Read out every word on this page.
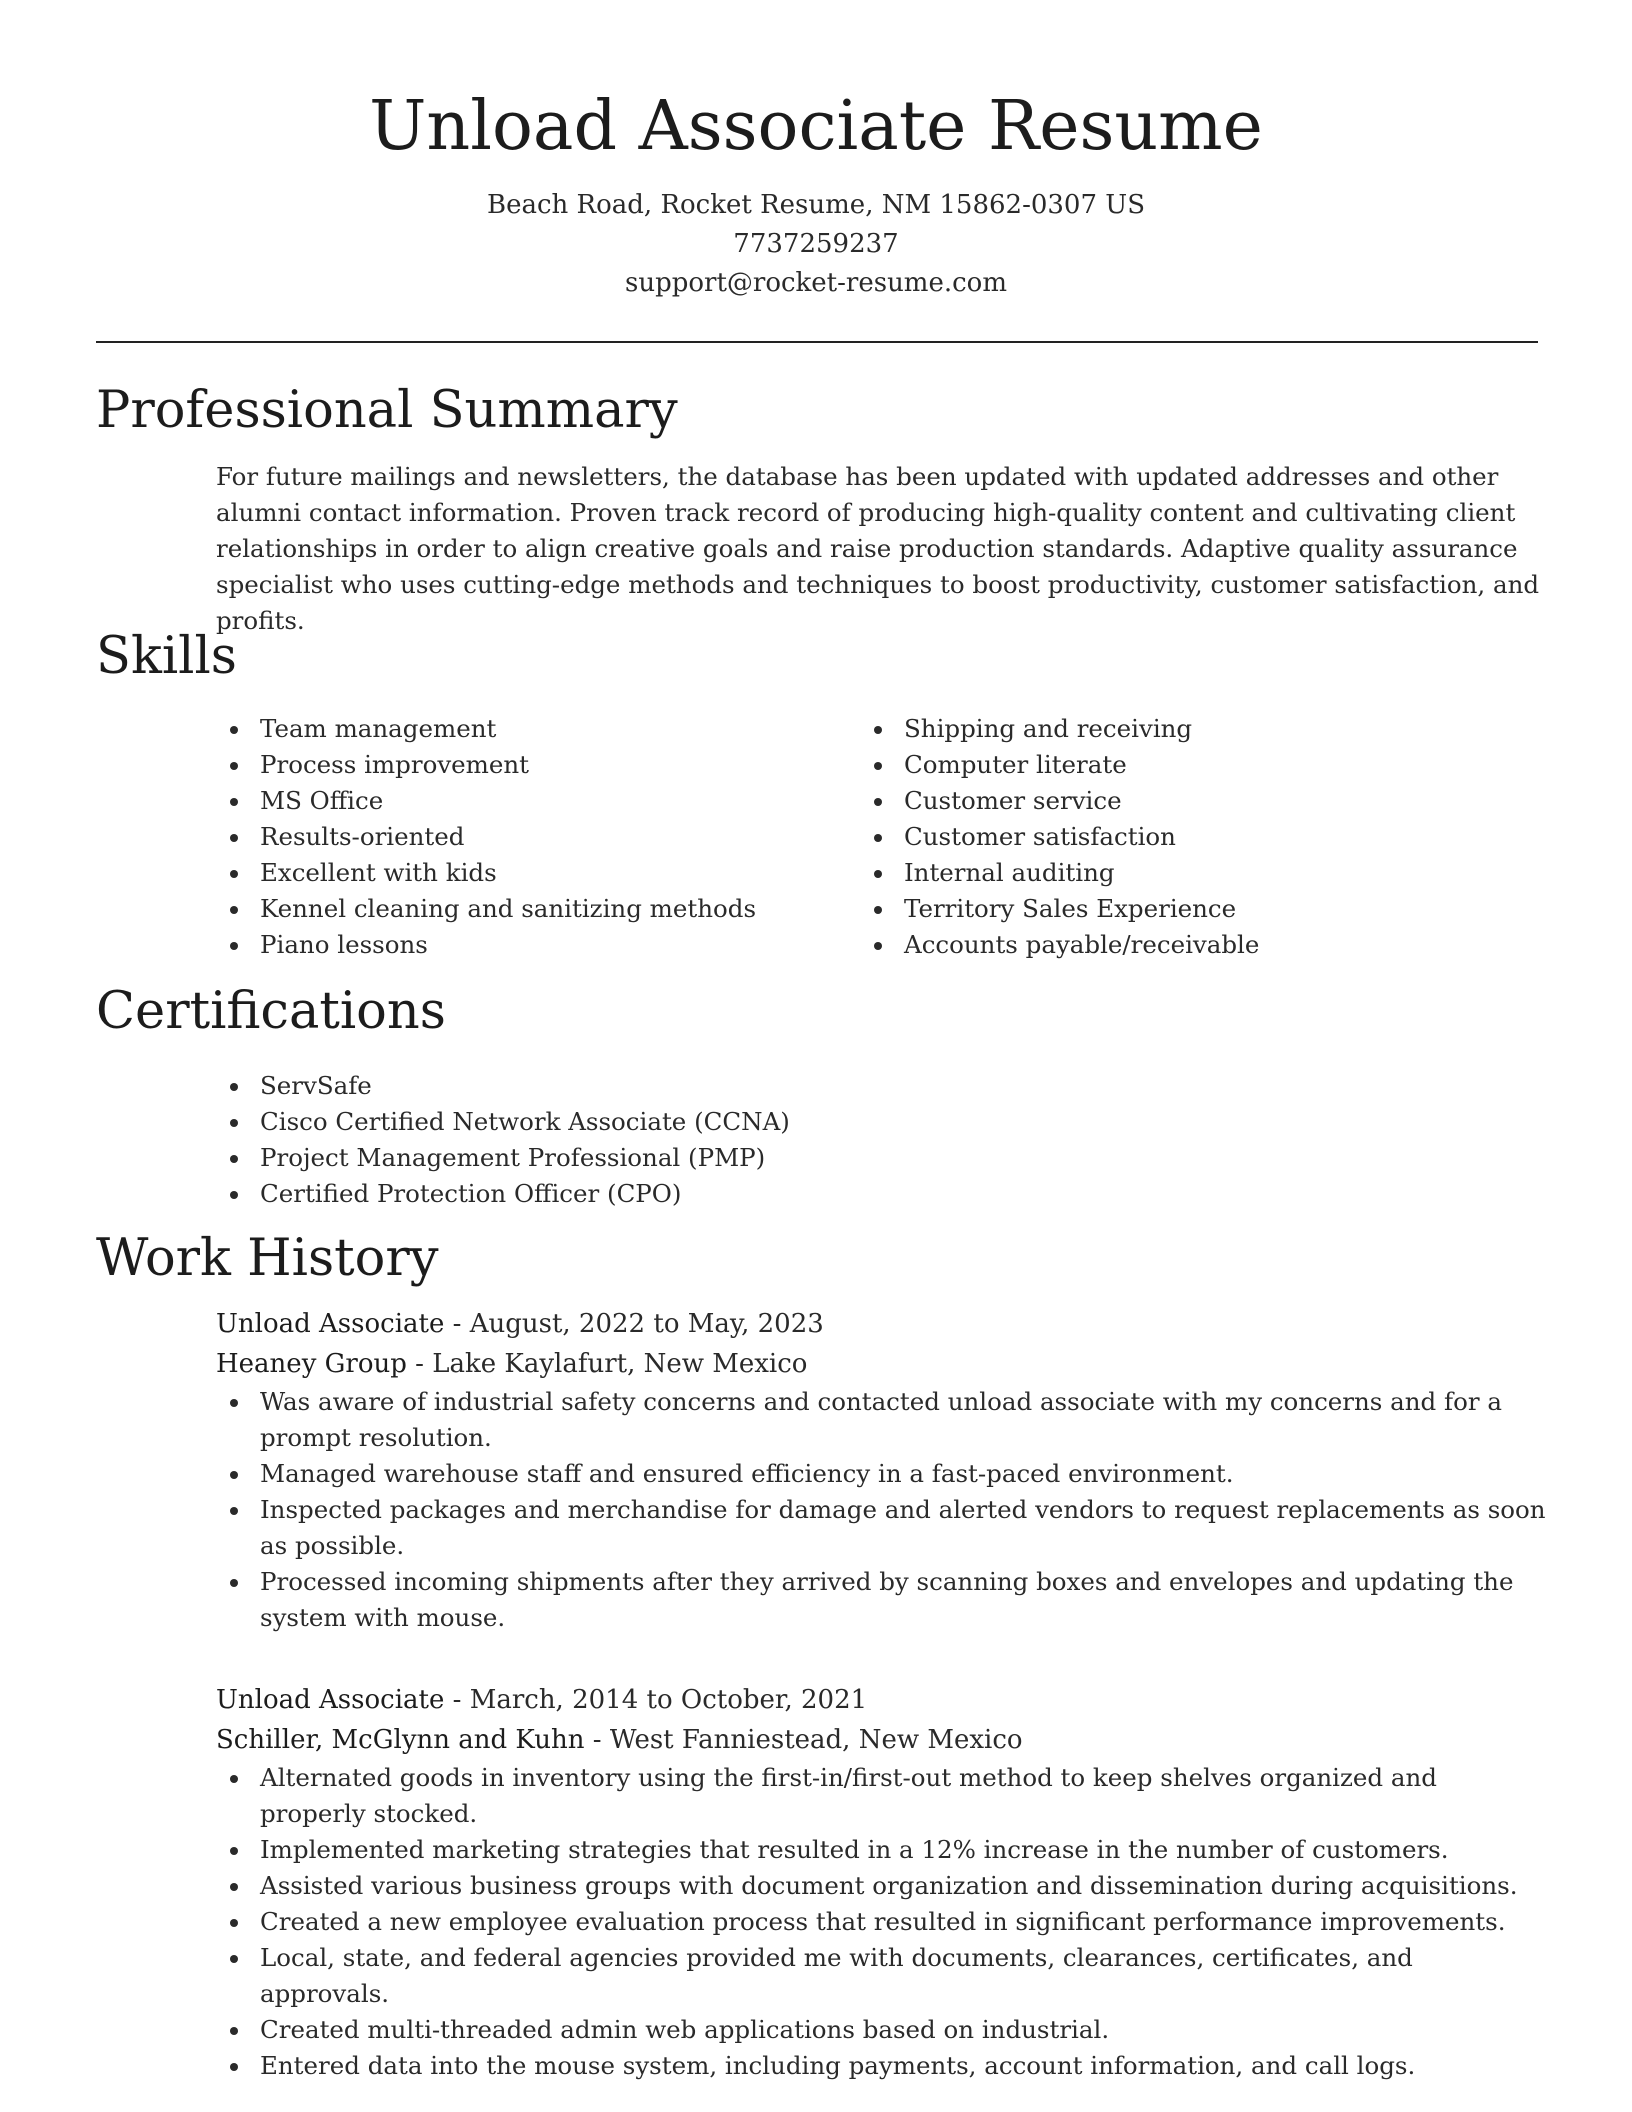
Unload Associate Resume
Beach Road, Rocket Resume, NM 15862-0307 US
7737259237
support@rocket-resume.com
Professional Summary

For future mailings and newsletters, the database has been updated with updated addresses and other alumni contact information. Proven track record of producing high-quality content and cultivating client relationships in order to align creative goals and raise production standards. Adaptive quality assurance specialist who uses cutting-edge methods and techniques to boost productivity, customer satisfaction, and profits.

Skills
Team management
Process improvement
MS Office
Results-oriented
Excellent with kids
Kennel cleaning and sanitizing methods
Piano lessons
Shipping and receiving
Computer literate
Customer service
Customer satisfaction
Internal auditing
Territory Sales Experience
Accounts payable/receivable
Certifications
ServSafe
Cisco Certified Network Associate (CCNA)
Project Management Professional (PMP)
Certified Protection Officer (CPO)
Work History
Unload Associate - August, 2022 to May, 2023
Heaney Group - Lake Kaylafurt, New Mexico
Was aware of industrial safety concerns and contacted unload associate with my concerns and for a prompt resolution.
Managed warehouse staff and ensured efficiency in a fast-paced environment.
Inspected packages and merchandise for damage and alerted vendors to request replacements as soon as possible.
Processed incoming shipments after they arrived by scanning boxes and envelopes and updating the system with mouse.
Unload Associate - March, 2014 to October, 2021
Schiller, McGlynn and Kuhn - West Fanniestead, New Mexico
Alternated goods in inventory using the first-in/first-out method to keep shelves organized and properly stocked.
Implemented marketing strategies that resulted in a 12% increase in the number of customers.
Assisted various business groups with document organization and dissemination during acquisitions.
Created a new employee evaluation process that resulted in significant performance improvements.
Local, state, and federal agencies provided me with documents, clearances, certificates, and approvals.
Created multi-threaded admin web applications based on industrial.
Entered data into the mouse system, including payments, account information, and call logs.
